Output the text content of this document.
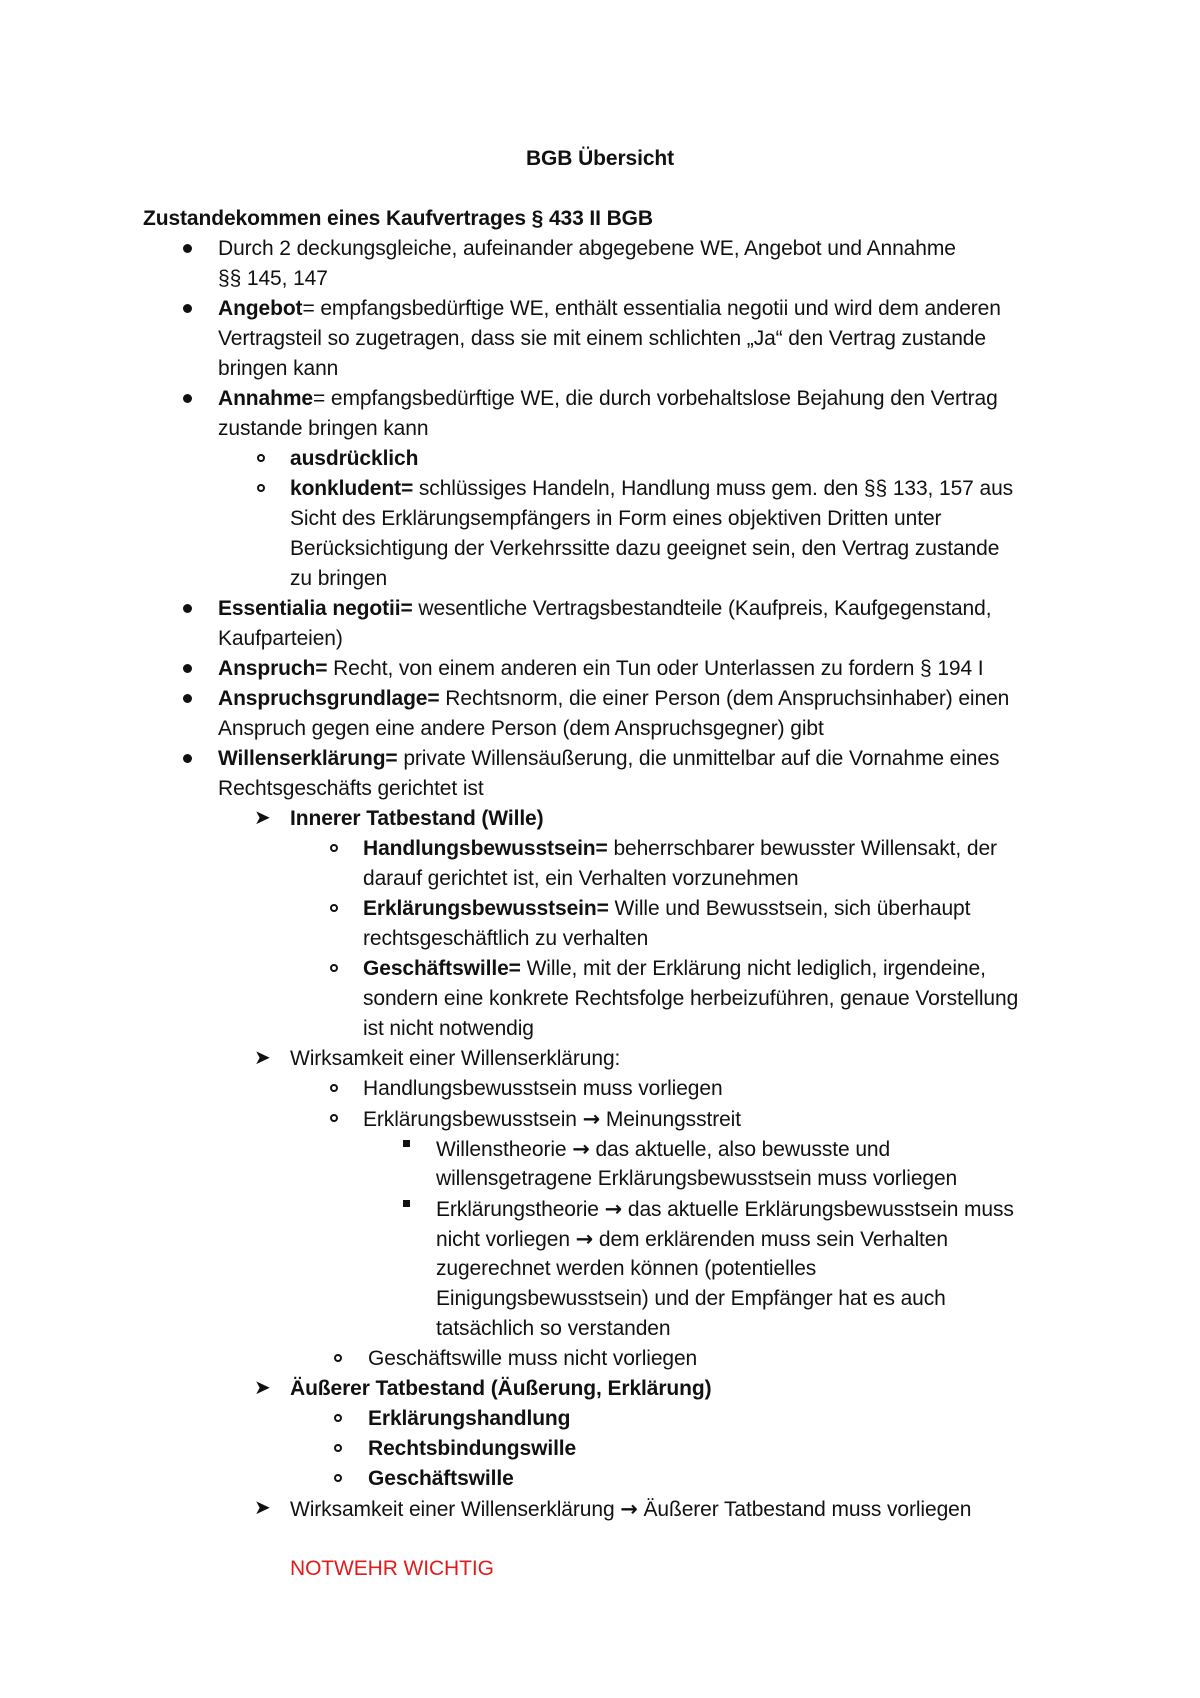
BGB Übersicht
Zustandekommen eines Kaufvertrages § 433 II BGB
Durch 2 deckungsgleiche, aufeinander abgegebene WE, Angebot und Annahme
§§ 145, 147
Angebot= empfangsbedürftige WE, enthält essentialia negotii und wird dem anderen
Vertragsteil so zugetragen, dass sie mit einem schlichten „Ja“ den Vertrag zustande
bringen kann
Annahme= empfangsbedürftige WE, die durch vorbehaltslose Bejahung den Vertrag
zustande bringen kann
ausdrücklich
konkludent= schlüssiges Handeln, Handlung muss gem. den §§ 133, 157 aus
Sicht des Erklärungsempfängers in Form eines objektiven Dritten unter
Berücksichtigung der Verkehrssitte dazu geeignet sein, den Vertrag zustande
zu bringen
Essentialia negotii= wesentliche Vertragsbestandteile (Kaufpreis, Kaufgegenstand,
Kaufparteien)
Anspruch= Recht, von einem anderen ein Tun oder Unterlassen zu fordern § 194 I
Anspruchsgrundlage= Rechtsnorm, die einer Person (dem Anspruchsinhaber) einen
Anspruch gegen eine andere Person (dem Anspruchsgegner) gibt
Willenserklärung= private Willensäußerung, die unmittelbar auf die Vornahme eines
Rechtsgeschäfts gerichtet ist
➤ Innerer Tatbestand (Wille)
Handlungsbewusstsein= beherrschbarer bewusster Willensakt, der
darauf gerichtet ist, ein Verhalten vorzunehmen
Erklärungsbewusstsein= Wille und Bewusstsein, sich überhaupt
rechtsgeschäftlich zu verhalten
Geschäftswille= Wille, mit der Erklärung nicht lediglich, irgendeine,
sondern eine konkrete Rechtsfolge herbeizuführen, genaue Vorstellung
ist nicht notwendig
➤ Wirksamkeit einer Willenserklärung:
Handlungsbewusstsein muss vorliegen
Erklärungsbewusstsein → Meinungsstreit
Willenstheorie → das aktuelle, also bewusste und
willensgetragene Erklärungsbewusstsein muss vorliegen
Erklärungstheorie → das aktuelle Erklärungsbewusstsein muss
nicht vorliegen → dem erklärenden muss sein Verhalten
zugerechnet werden können (potentielles
Einigungsbewusstsein) und der Empfänger hat es auch
tatsächlich so verstanden
Geschäftswille muss nicht vorliegen
➤ Äußerer Tatbestand (Äußerung, Erklärung)
Erklärungshandlung
Rechtsbindungswille
Geschäftswille
➤ Wirksamkeit einer Willenserklärung → Äußerer Tatbestand muss vorliegen
NOTWEHR WICHTIG
